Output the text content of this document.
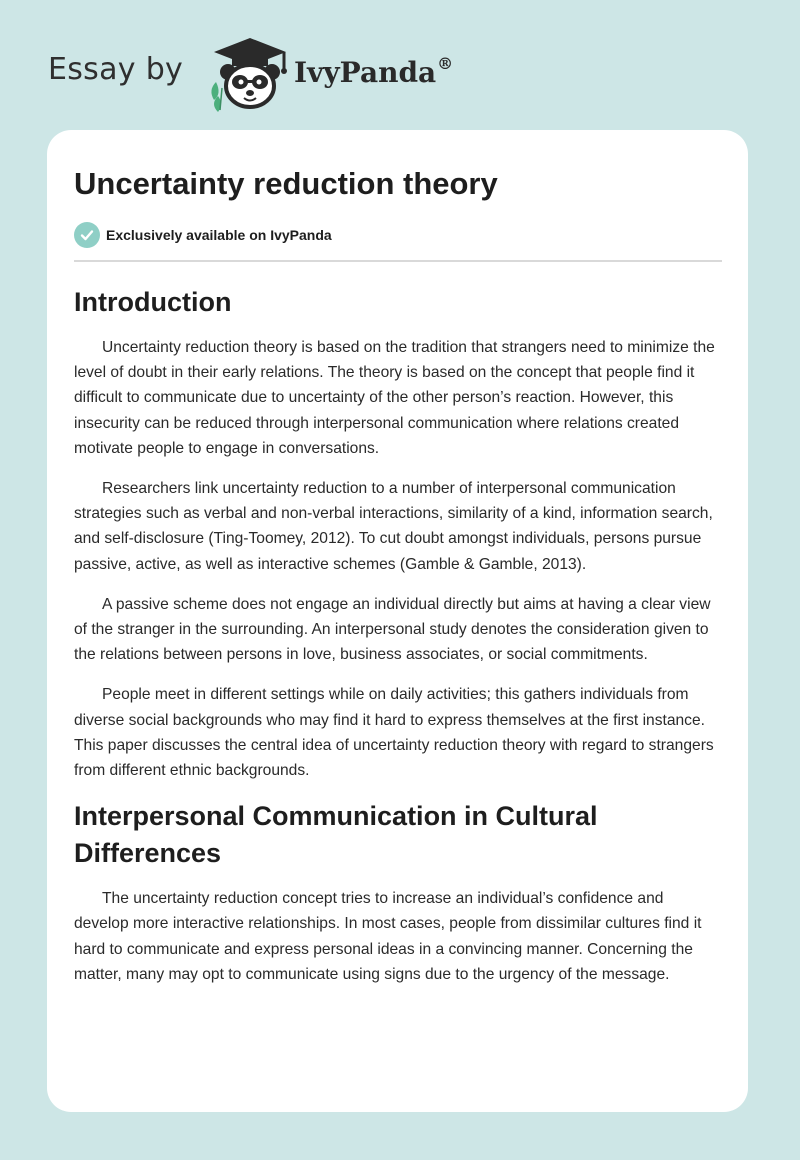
Essay by	IvyPanda®
Uncertainty reduction theory
Exclusively available on IvyPanda
Introduction

Uncertainty reduction theory is based on the tradition that strangers need to minimize the level of doubt in their early relations. The theory is based on the concept that people find it difficult to communicate due to uncertainty of the other person’s reaction. However, this insecurity can be reduced through interpersonal communication where relations created motivate people to engage in conversations.

Researchers link uncertainty reduction to a number of interpersonal communication strategies such as verbal and non-verbal interactions, similarity of a kind, information search, and self-disclosure (Ting-Toomey, 2012). To cut doubt amongst individuals, persons pursue passive, active, as well as interactive schemes (Gamble & Gamble, 2013).

A passive scheme does not engage an individual directly but aims at having a clear view of the stranger in the surrounding. An interpersonal study denotes the consideration given to the relations between persons in love, business associates, or social commitments.

People meet in different settings while on daily activities; this gathers individuals from diverse social backgrounds who may find it hard to express themselves at the first instance. This paper discusses the central idea of uncertainty reduction theory with regard to strangers from different ethnic backgrounds.

Interpersonal Communication in Cultural Differences

The uncertainty reduction concept tries to increase an individual’s confidence and develop more interactive relationships. In most cases, people from dissimilar cultures find it hard to communicate and express personal ideas in a convincing manner. Concerning the matter, many may opt to communicate using signs due to the urgency of the message.
